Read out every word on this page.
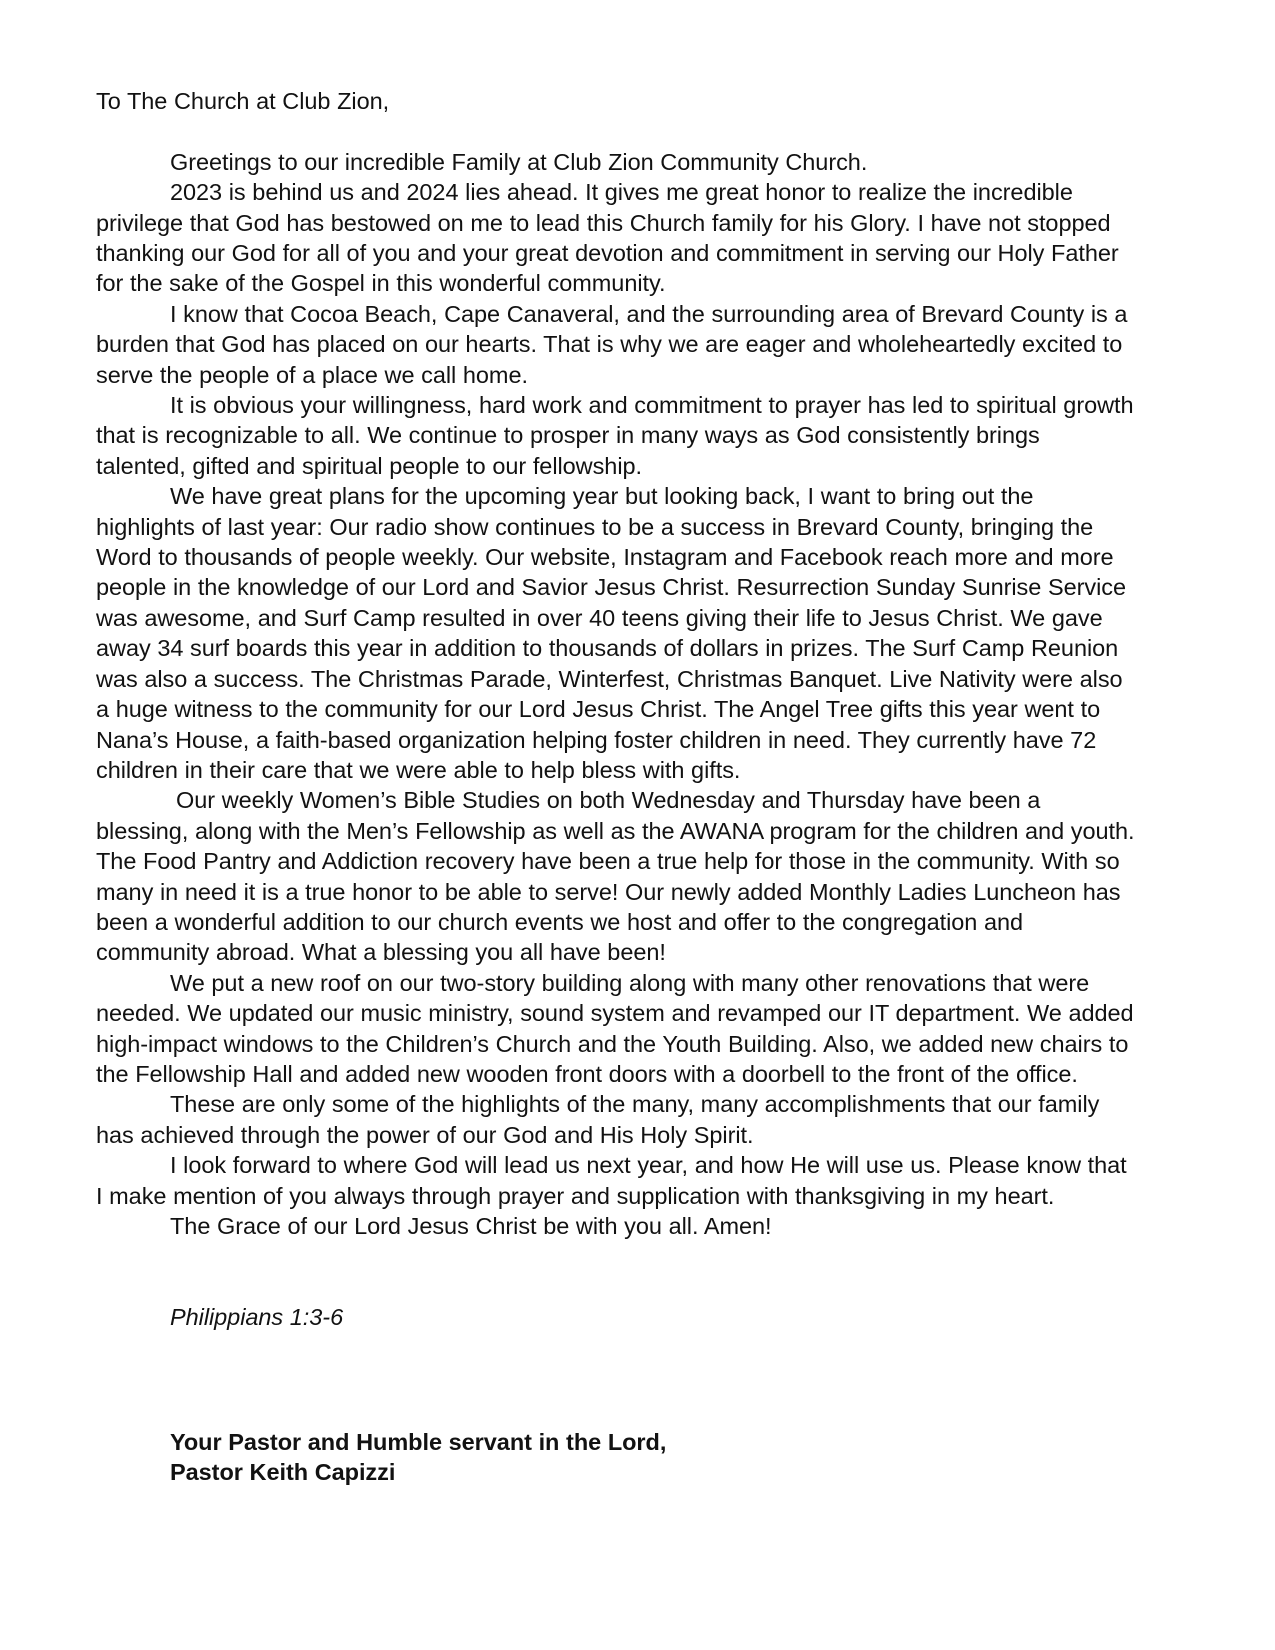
To The Church at Club Zion,

Greetings to our incredible Family at Club Zion Community Church.

2023 is behind us and 2024 lies ahead. It gives me great honor to realize the incredible privilege that God has bestowed on me to lead this Church family for his Glory. I have not stopped thanking our God for all of you and your great devotion and commitment in serving our Holy Father for the sake of the Gospel in this wonderful community.

I know that Cocoa Beach, Cape Canaveral, and the surrounding area of Brevard County is a burden that God has placed on our hearts. That is why we are eager and wholeheartedly excited to serve the people of a place we call home.

It is obvious your willingness, hard work and commitment to prayer has led to spiritual growth that is recognizable to all. We continue to prosper in many ways as God consistently brings talented, gifted and spiritual people to our fellowship.

We have great plans for the upcoming year but looking back, I want to bring out the highlights of last year: Our radio show continues to be a success in Brevard County, bringing the Word to thousands of people weekly. Our website, Instagram and Facebook reach more and more people in the knowledge of our Lord and Savior Jesus Christ. Resurrection Sunday Sunrise Service was awesome, and Surf Camp resulted in over 40 teens giving their life to Jesus Christ. We gave away 34 surf boards this year in addition to thousands of dollars in prizes. The Surf Camp Reunion was also a success. The Christmas Parade, Winterfest, Christmas Banquet. Live Nativity were also a huge witness to the community for our Lord Jesus Christ. The Angel Tree gifts this year went to Nana’s House, a faith-based organization helping foster children in need. They currently have 72 children in their care that we were able to help bless with gifts.

Our weekly Women’s Bible Studies on both Wednesday and Thursday have been a blessing, along with the Men’s Fellowship as well as the AWANA program for the children and youth. The Food Pantry and Addiction recovery have been a true help for those in the community. With so many in need it is a true honor to be able to serve! Our newly added Monthly Ladies Luncheon has been a wonderful addition to our church events we host and offer to the congregation and community abroad. What a blessing you all have been!

We put a new roof on our two-story building along with many other renovations that were needed. We updated our music ministry, sound system and revamped our IT department. We added high-impact windows to the Children’s Church and the Youth Building. Also, we added new chairs to the Fellowship Hall and added new wooden front doors with a doorbell to the front of the office.

These are only some of the highlights of the many, many accomplishments that our family has achieved through the power of our God and His Holy Spirit.

I look forward to where God will lead us next year, and how He will use us. Please know that I make mention of you always through prayer and supplication with thanksgiving in my heart.

The Grace of our Lord Jesus Christ be with you all. Amen!

Philippians 1:3-6

Your Pastor and Humble servant in the Lord,

Pastor Keith Capizzi
